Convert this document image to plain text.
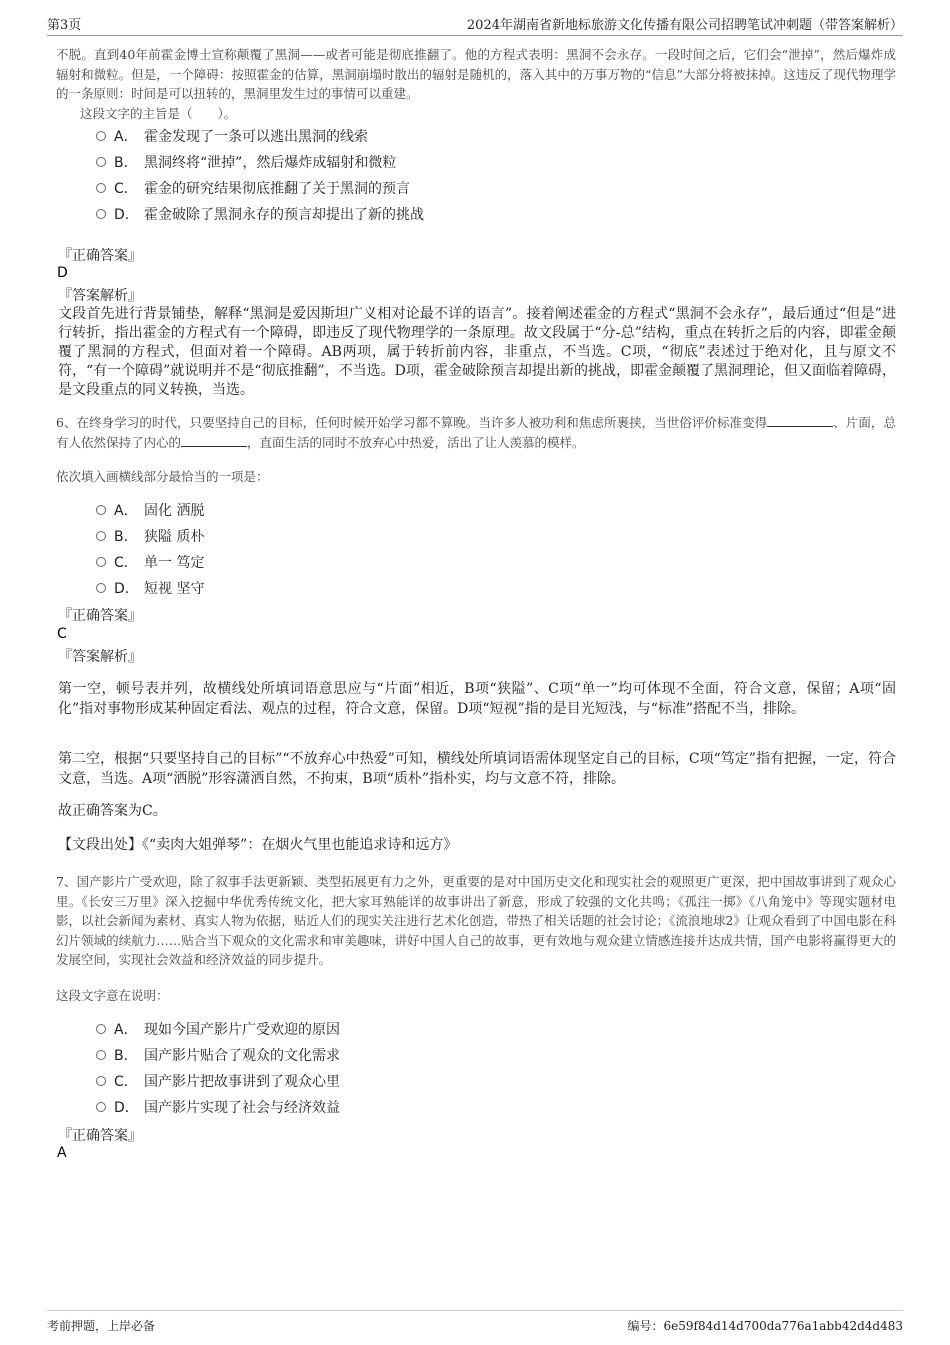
第3页	2024年湖南省新地标旅游文化传播有限公司招聘笔试冲刺题（带答案解析）
不脱。直到40年前霍金博士宣称颠覆了黑洞——或者可能是彻底推翻了。他的方程式表明：黑洞不会永存。一段时间之后，它们会“泄掉”，然后爆炸成辐射和微粒。但是，一个障碍：按照霍金的估算，黑洞崩塌时散出的辐射是随机的，落入其中的万事万物的“信息”大部分将被抹掉。这违反了现代物理学的一条原则：时间是可以扭转的，黑洞里发生过的事情可以重建。
这段文字的主旨是（　　）。
A． 霍金发现了一条可以逃出黑洞的线索
B． 黑洞终将“泄掉”，然后爆炸成辐射和微粒
C． 霍金的研究结果彻底推翻了关于黑洞的预言
D． 霍金破除了黑洞永存的预言却提出了新的挑战
『正确答案』
D
『答案解析』
文段首先进行背景铺垫，解释“黑洞是爱因斯坦广义相对论最不详的语言”。接着阐述霍金的方程式“黑洞不会永存”，最后通过“但是”进行转折，指出霍金的方程式有一个障碍，即违反了现代物理学的一条原理。故文段属于“分-总”结构，重点在转折之后的内容，即霍金颠覆了黑洞的方程式，但面对着一个障碍。AB两项，属于转折前内容，非重点，不当选。C项，“彻底”表述过于绝对化，且与原文不符，“有一个障碍”就说明并不是“彻底推翻”，不当选。D项，霍金破除预言却提出新的挑战，即霍金颠覆了黑洞理论，但又面临着障碍，是文段重点的同义转换，当选。
6、在终身学习的时代，只要坚持自己的目标，任何时候开始学习都不算晚。当许多人被功利和焦虑所裹挟，当世俗评价标准变得	、片面，总有人依然保持了内心的	，直面生活的同时不放弃心中热爱，活出了让人羡慕的模样。
依次填入画横线部分最恰当的一项是：
A． 固化 洒脱
B． 狭隘 质朴
C． 单一 笃定
D． 短视 坚守
『正确答案』
C
『答案解析』
第一空，顿号表并列，故横线处所填词语意思应与“片面”相近，B项“狭隘”、C项“单一”均可体现不全面，符合文意，保留；A项“固化”指对事物形成某种固定看法、观点的过程，符合文意，保留。D项“短视”指的是目光短浅，与“标准”搭配不当，排除。
第二空，根据“只要坚持自己的目标”“不放弃心中热爱”可知，横线处所填词语需体现坚定自己的目标，C项“笃定”指有把握，一定，符合文意，当选。A项“洒脱”形容潇洒自然，不拘束，B项“质朴”指朴实，均与文意不符，排除。
故正确答案为C。
【文段出处】《“卖肉大姐弹琴”：在烟火气里也能追求诗和远方》
7、国产影片广受欢迎，除了叙事手法更新颖、类型拓展更有力之外，更重要的是对中国历史文化和现实社会的观照更广更深，把中国故事讲到了观众心里。《长安三万里》深入挖掘中华优秀传统文化，把大家耳熟能详的故事讲出了新意，形成了较强的文化共鸣；《孤注一掷》《八角笼中》等现实题材电影，以社会新闻为素材、真实人物为依据，贴近人们的现实关注进行艺术化创造，带热了相关话题的社会讨论；《流浪地球2》让观众看到了中国电影在科幻片领域的续航力……贴合当下观众的文化需求和审美趣味，讲好中国人自己的故事，更有效地与观众建立情感连接并达成共情，国产电影将赢得更大的发展空间，实现社会效益和经济效益的同步提升。
这段文字意在说明：
A． 现如今国产影片广受欢迎的原因
B． 国产影片贴合了观众的文化需求
C． 国产影片把故事讲到了观众心里
D． 国产影片实现了社会与经济效益
『正确答案』
A
考前押题，上岸必备	编号：6e59f84d14d700da776a1abb42d4d483
